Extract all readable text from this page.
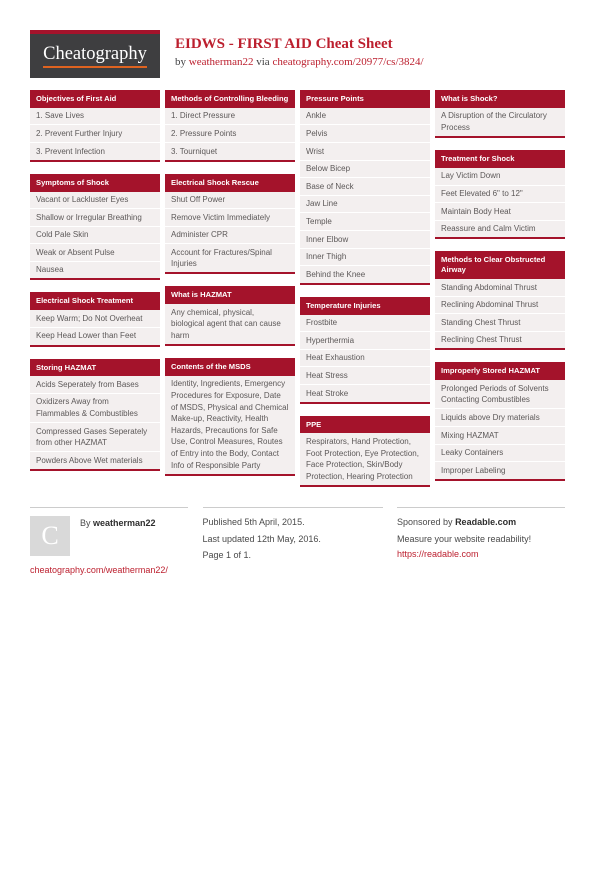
Cheatography
EIDWS - FIRST AID Cheat Sheet
by weatherman22 via cheatography.com/20977/cs/3824/
Objectives of First Aid
1. Save Lives
2. Prevent Further Injury
3. Prevent Infection
Symptoms of Shock
Vacant or Lackluster Eyes
Shallow or Irregular Breathing
Cold Pale Skin
Weak or Absent Pulse
Nausea
Electrical Shock Treatment
Keep Warm; Do Not Overheat
Keep Head Lower than Feet
Storing HAZMAT
Acids Seperately from Bases
Oxidizers Away from Flammables & Combustibles
Compressed Gases Seperately from other HAZMAT
Powders Above Wet materials
Methods of Controlling Bleeding
1. Direct Pressure
2. Pressure Points
3. Tourniquet
Electrical Shock Rescue
Shut Off Power
Remove Victim Immediately
Administer CPR
Account for Fractures/Spinal Injuries
What is HAZMAT
Any chemical, physical, biological agent that can cause harm
Contents of the MSDS
Identity, Ingredients, Emergency Procedures for Exposure, Date of MSDS, Physical and Chemical Make-up, Reactivity, Health Hazards, Precautions for Safe Use, Control Measures, Routes of Entry into the Body, Contact Info of Responsible Party
Pressure Points
Ankle
Pelvis
Wrist
Below Bicep
Base of Neck
Jaw Line
Temple
Inner Elbow
Inner Thigh
Behind the Knee
Temperature Injuries
Frostbite
Hyperthermia
Heat Exhaustion
Heat Stress
Heat Stroke
PPE
Respirators, Hand Protection, Foot Protection, Eye Protection, Face Protection, Skin/Body Protection, Hearing Protection
What is Shock?
A Disruption of the Circulatory Process
Treatment for Shock
Lay Victim Down
Feet Elevated 6" to 12"
Maintain Body Heat
Reassure and Calm Victim
Methods to Clear Obstructed Airway
Standing Abdominal Thrust
Reclining Abdominal Thrust
Standing Chest Thrust
Reclining Chest Thrust
Improperly Stored HAZMAT
Prolonged Periods of Solvents Contacting Combustibles
Liquids above Dry materials
Mixing HAZMAT
Leaky Containers
Improper Labeling
C By weatherman22
cheatography.com/weatherman22/
Published 5th April, 2015.
Last updated 12th May, 2016.
Page 1 of 1.
Sponsored by Readable.com
Measure your website readability!
https://readable.com
